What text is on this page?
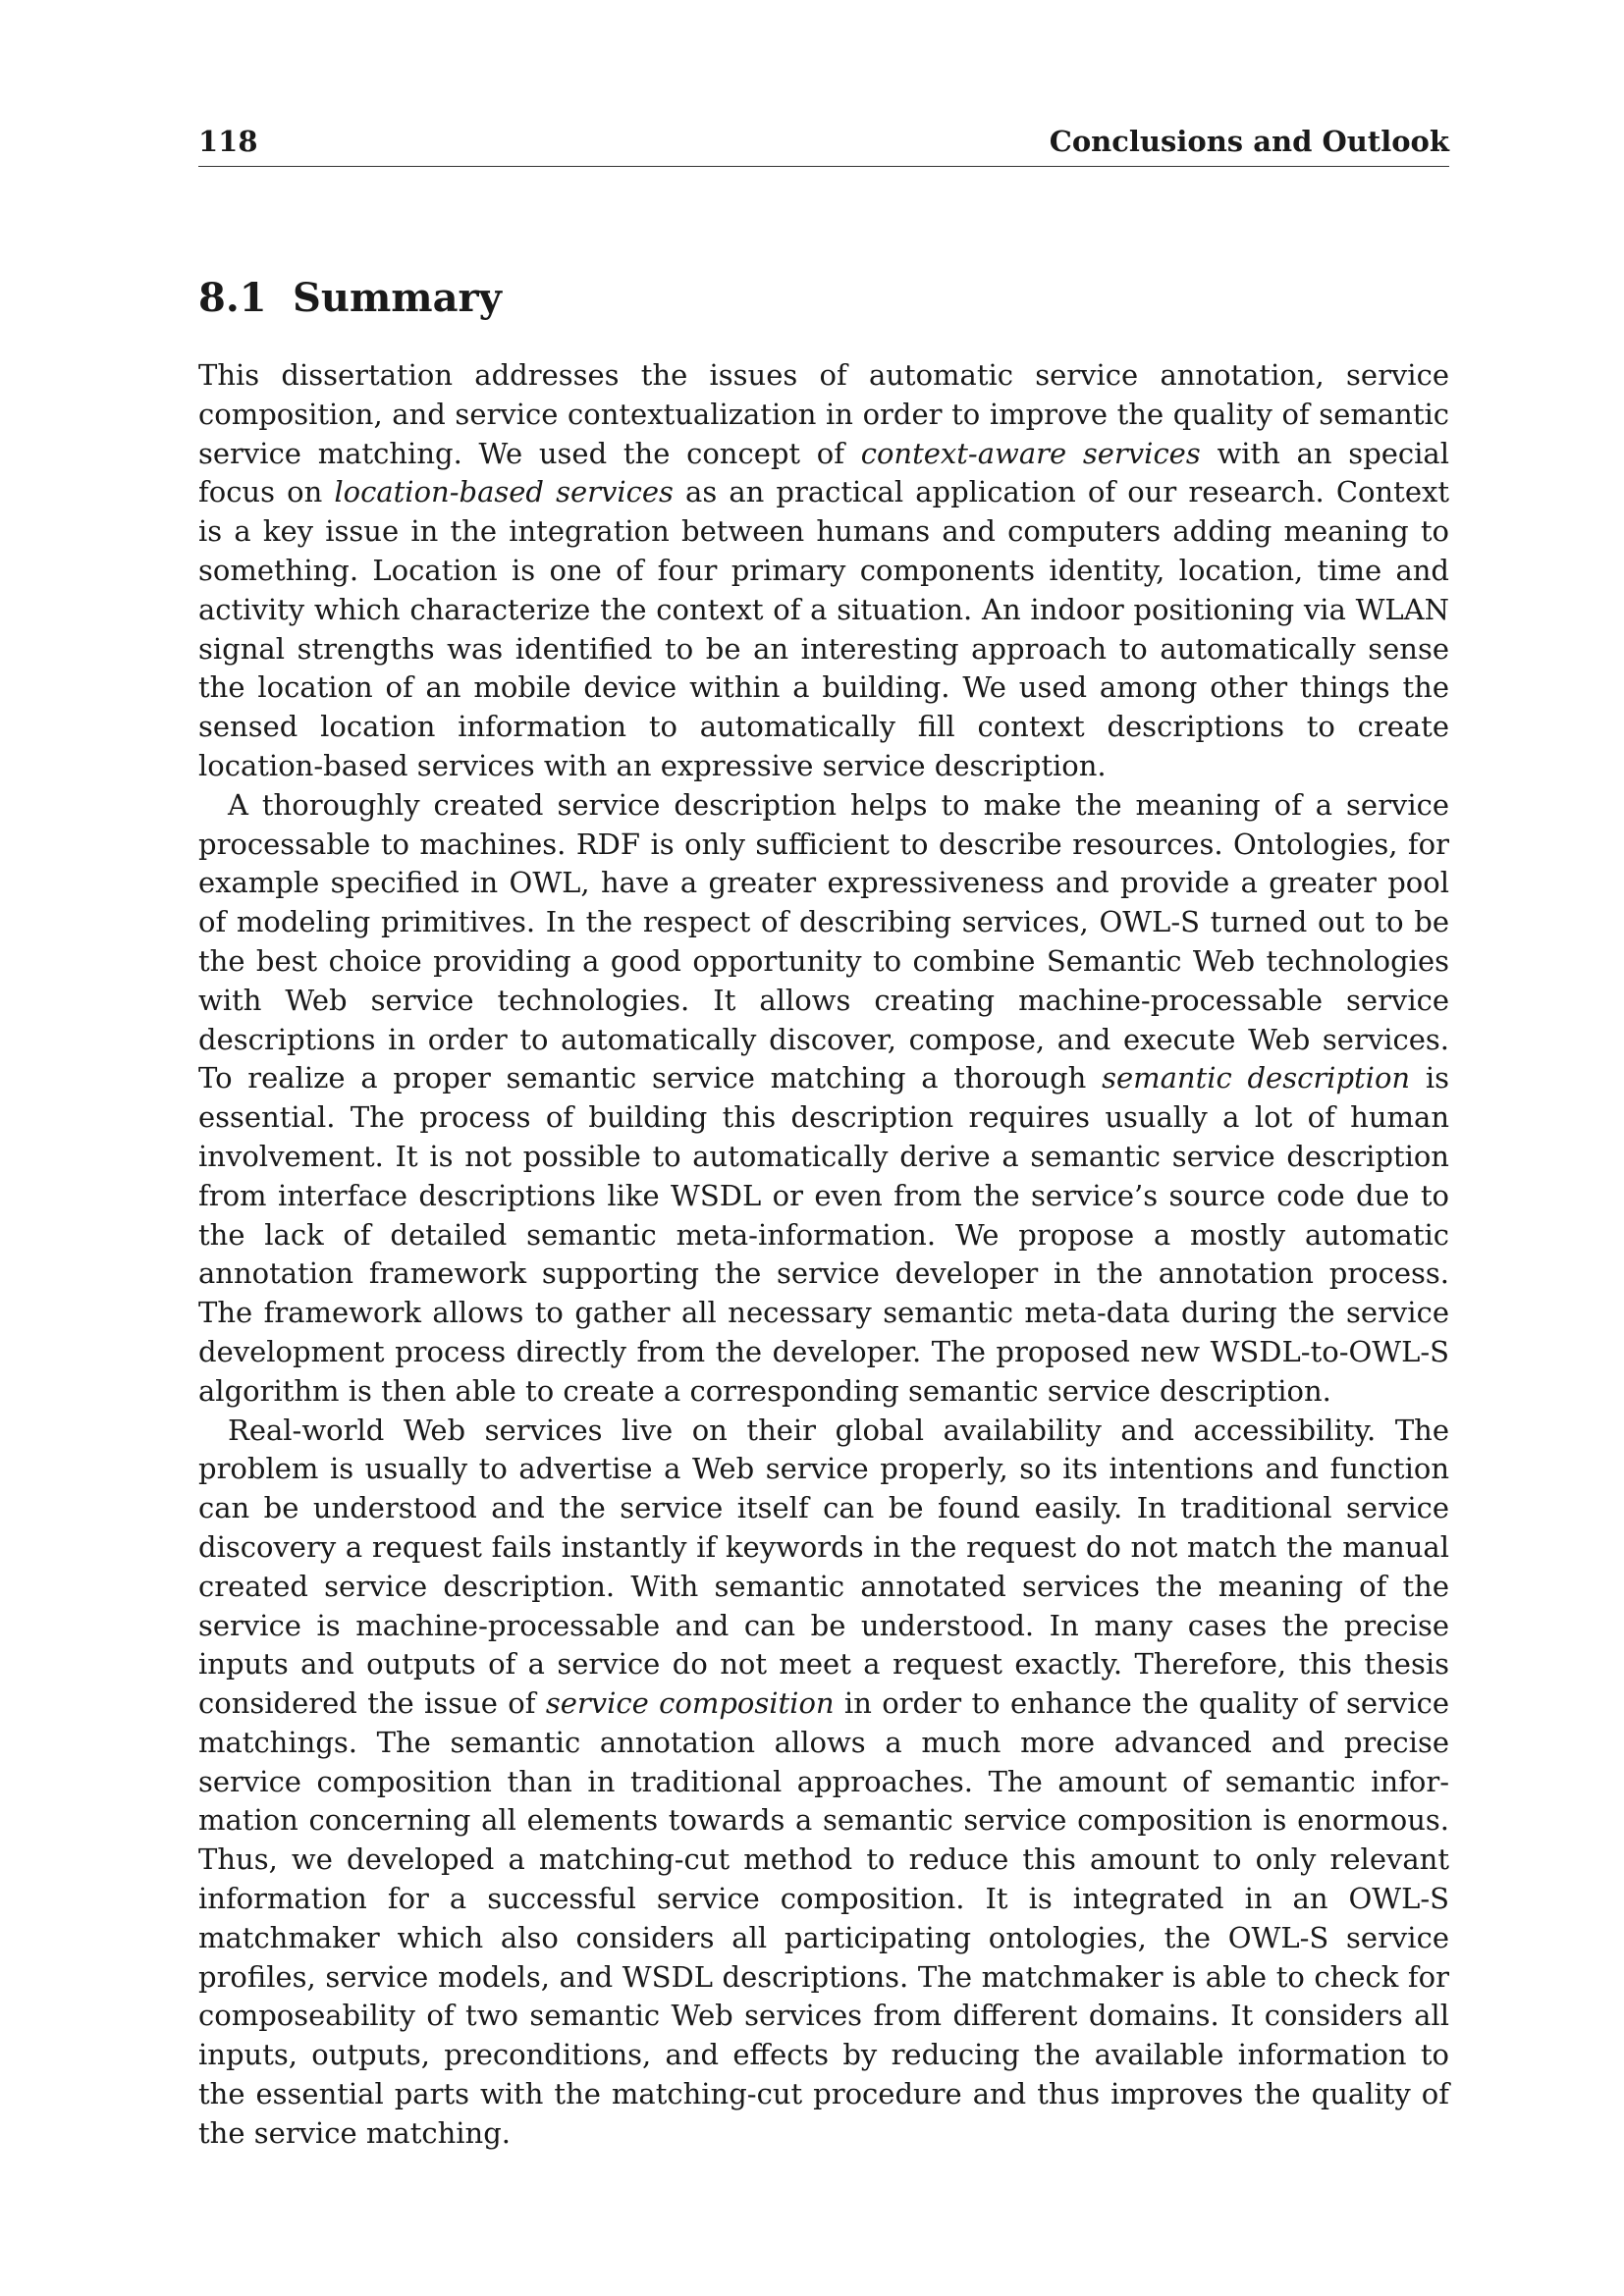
118	Conclusions and Outlook
8.1 Summary

This dissertation addresses the issues of automatic service annotation, service composition, and service contextualization in order to improve the quality of semantic service matching. We used the concept of context-aware services with an special focus on location-based services as an practical application of our research. Context is a key issue in the integration between humans and computers adding meaning to something. Location is one of four primary components identity, location, time and activity which characterize the context of a situation. An indoor positioning via WLAN signal strengths was identified to be an interesting approach to automatically sense the location of an mobile device within a building. We used among other things the sensed location information to automatically fill context descriptions to create location-based services with an expressive service description.

A thoroughly created service description helps to make the meaning of a service processable to machines. RDF is only sufficient to describe resources. Ontologies, for example specified in OWL, have a greater expressiveness and provide a greater pool of modeling primitives. In the respect of describing services, OWL-S turned out to be the best choice providing a good opportunity to combine Semantic Web technologies with Web service technologies. It allows creating machine-processable service descriptions in order to automatically discover, compose, and execute Web services. To realize a proper semantic service matching a thorough semantic description is essential. The process of building this description requires usually a lot of human involvement. It is not possible to automatically derive a semantic service description from interface descriptions like WSDL or even from the service’s source code due to the lack of detailed semantic meta-information. We propose a mostly automatic annotation framework supporting the service developer in the annotation process. The framework allows to gather all necessary semantic meta-data during the service development process directly from the developer. The proposed new WSDL-to-OWL-S algorithm is then able to create a corresponding semantic service description.

Real-world Web services live on their global availability and accessibility. The problem is usually to advertise a Web service properly, so its intentions and function can be understood and the service itself can be found easily. In traditional service discovery a request fails instantly if keywords in the request do not match the manual created service description. With semantic annotated services the meaning of the service is machine-processable and can be understood. In many cases the precise inputs and outputs of a service do not meet a request exactly. Therefore, this thesis considered the issue of service composition in order to enhance the quality of service matchings. The semantic annotation allows a much more advanced and precise service composition than in traditional approaches. The amount of semantic information concerning all elements towards a semantic service composition is enormous. Thus, we developed a matching-cut method to reduce this amount to only relevant information for a successful service composition. It is integrated in an OWL-S matchmaker which also considers all participating ontologies, the OWL-S service profiles, service models, and WSDL descriptions. The matchmaker is able to check for composeability of two semantic Web services from different domains. It considers all inputs, outputs, preconditions, and effects by reducing the available information to the essential parts with the matching-cut procedure and thus improves the quality of the service matching.
